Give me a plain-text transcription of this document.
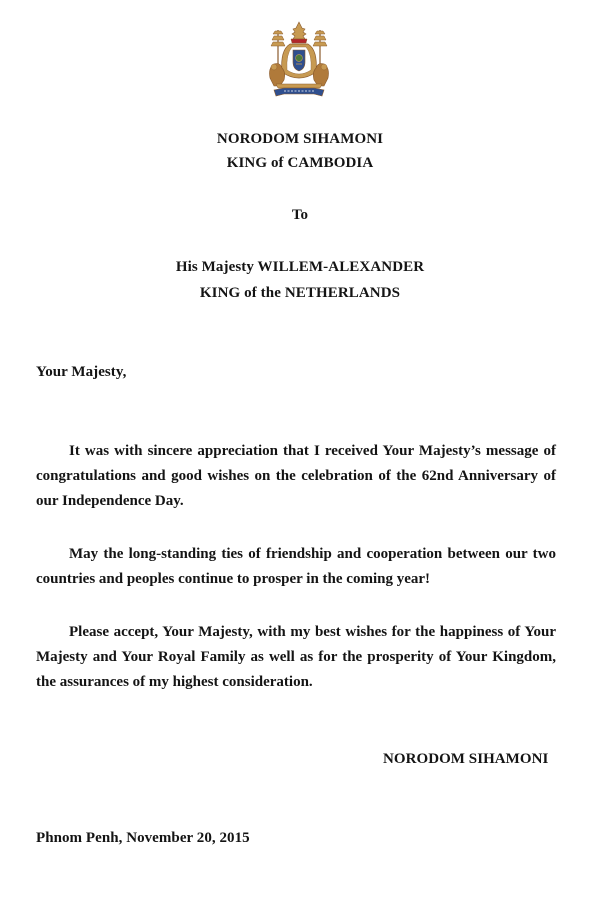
NORODOM SIHAMONI
KING of CAMBODIA
To
His Majesty WILLEM-ALEXANDER
KING of the NETHERLANDS
Your Majesty,
It was with sincere appreciation that I received Your Majesty’s message of congratulations and good wishes on the celebration of the 62nd Anniversary of our Independence Day.
May the long-standing ties of friendship and cooperation between our two countries and peoples continue to prosper in the coming year!
Please accept, Your Majesty, with my best wishes for the happiness of Your Majesty and Your Royal Family as well as for the prosperity of Your Kingdom, the assurances of my highest consideration.
NORODOM SIHAMONI
Phnom Penh, November 20, 2015
